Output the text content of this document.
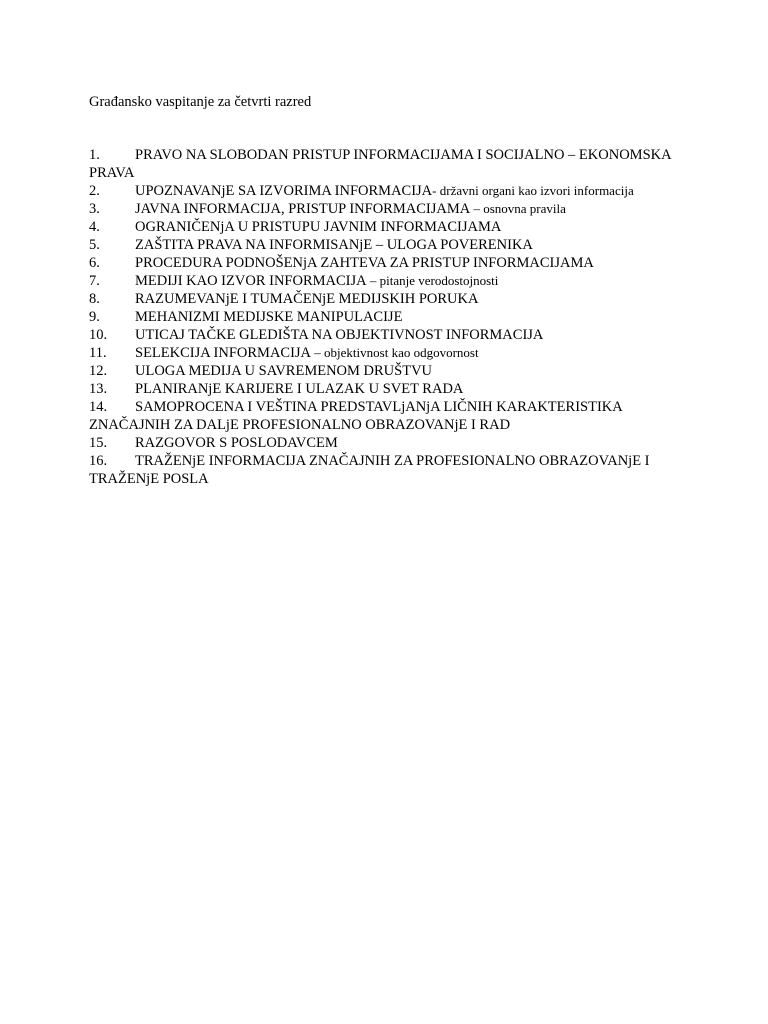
Građansko vaspitanje za četvrti razred
1. PRAVO NA SLOBODAN PRISTUP INFORMACIJAMA I SOCIJALNO – EKONOMSKA PRAVA
2. UPOZNAVANjE SA IZVORIMA INFORMACIJA- državni organi kao izvori informacija
3. JAVNA INFORMACIJA, PRISTUP INFORMACIJAMA – osnovna pravila
4. OGRANIČENjA U PRISTUPU JAVNIM INFORMACIJAMA
5. ZAŠTITA PRAVA NA INFORMISANjE – ULOGA POVERENIKA
6. PROCEDURA PODNOŠENjA ZAHTEVA ZA PRISTUP INFORMACIJAMA
7. MEDIJI KAO IZVOR INFORMACIJA – pitanje verodostojnosti
8. RAZUMEVANjE I TUMAČENjE MEDIJSKIH PORUKA
9. MEHANIZMI MEDIJSKE MANIPULACIJE
10. UTICAJ TAČKE GLEDIŠTA NA OBJEKTIVNOST INFORMACIJA
11. SELEKCIJA INFORMACIJA – objektivnost kao odgovornost
12. ULOGA MEDIJA U SAVREMENOM DRUŠTVU
13. PLANIRANjE KARIJERE I ULAZAK U SVET RADA
14. SAMOPROCENA I VEŠTINA PREDSTAVLjANjA LIČNIH KARAKTERISTIKA ZNAČAJNIH ZA DALjE PROFESIONALNO OBRAZOVANjE I RAD
15. RAZGOVOR S POSLODAVCEM
16. TRAŽENjE INFORMACIJA ZNAČAJNIH ZA PROFESIONALNO OBRAZOVANjE I TRAŽENjE POSLA
